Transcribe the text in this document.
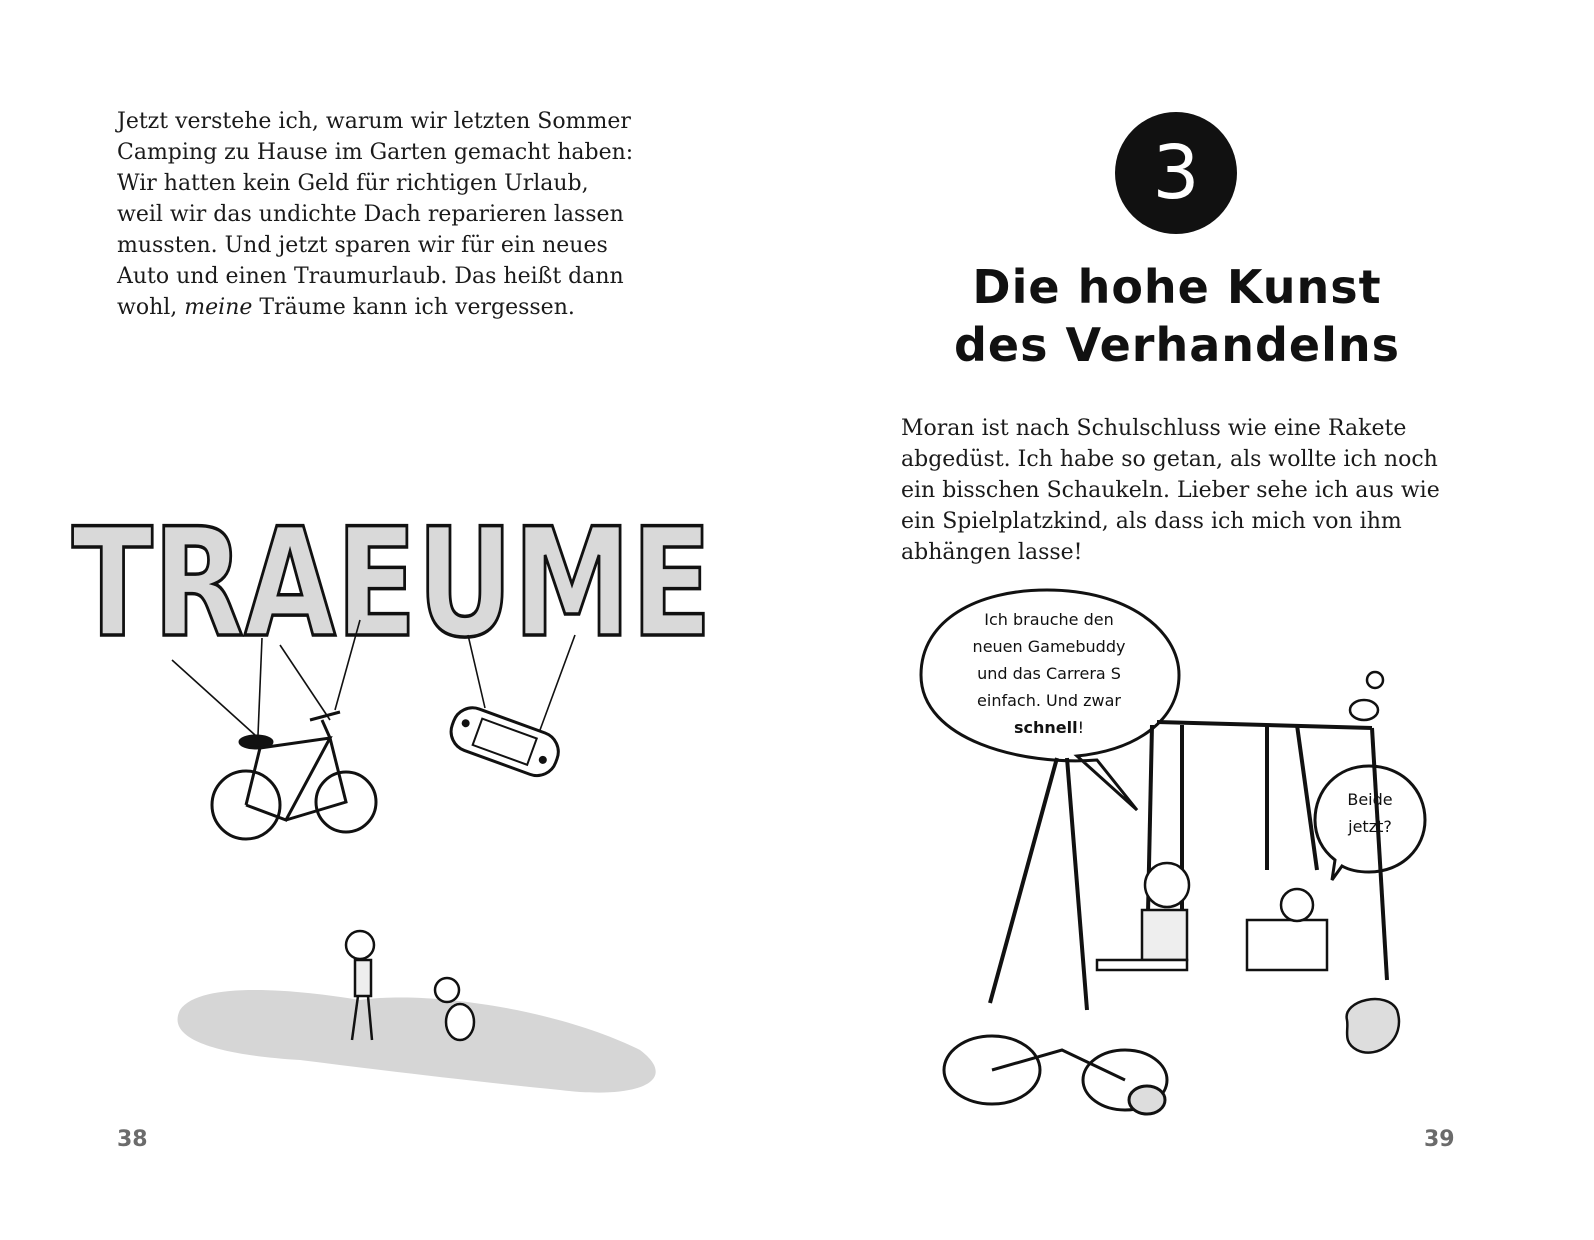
Jetzt verstehe ich, warum wir letzten Sommer
Camping zu Hause im Garten gemacht haben:
Wir hatten kein Geld für richtigen Urlaub,
weil wir das undichte Dach reparieren lassen
mussten. Und jetzt sparen wir für ein neues
Auto und einen Traumurlaub. Das heißt dann
wohl, meine Träume kann ich vergessen.
TRAEUME
38
3
Die hohe Kunst
des Verhandelns
Moran ist nach Schulschluss wie eine Rakete
abgedüst. Ich habe so getan, als wollte ich noch
ein bisschen Schaukeln. Lieber sehe ich aus wie
ein Spielplatzkind, als dass ich mich von ihm
abhängen lasse!
Ich brauche den
neuen Gamebuddy
und das Carrera S
einfach. Und zwar
schnell!
Beide
jetzt?
39
